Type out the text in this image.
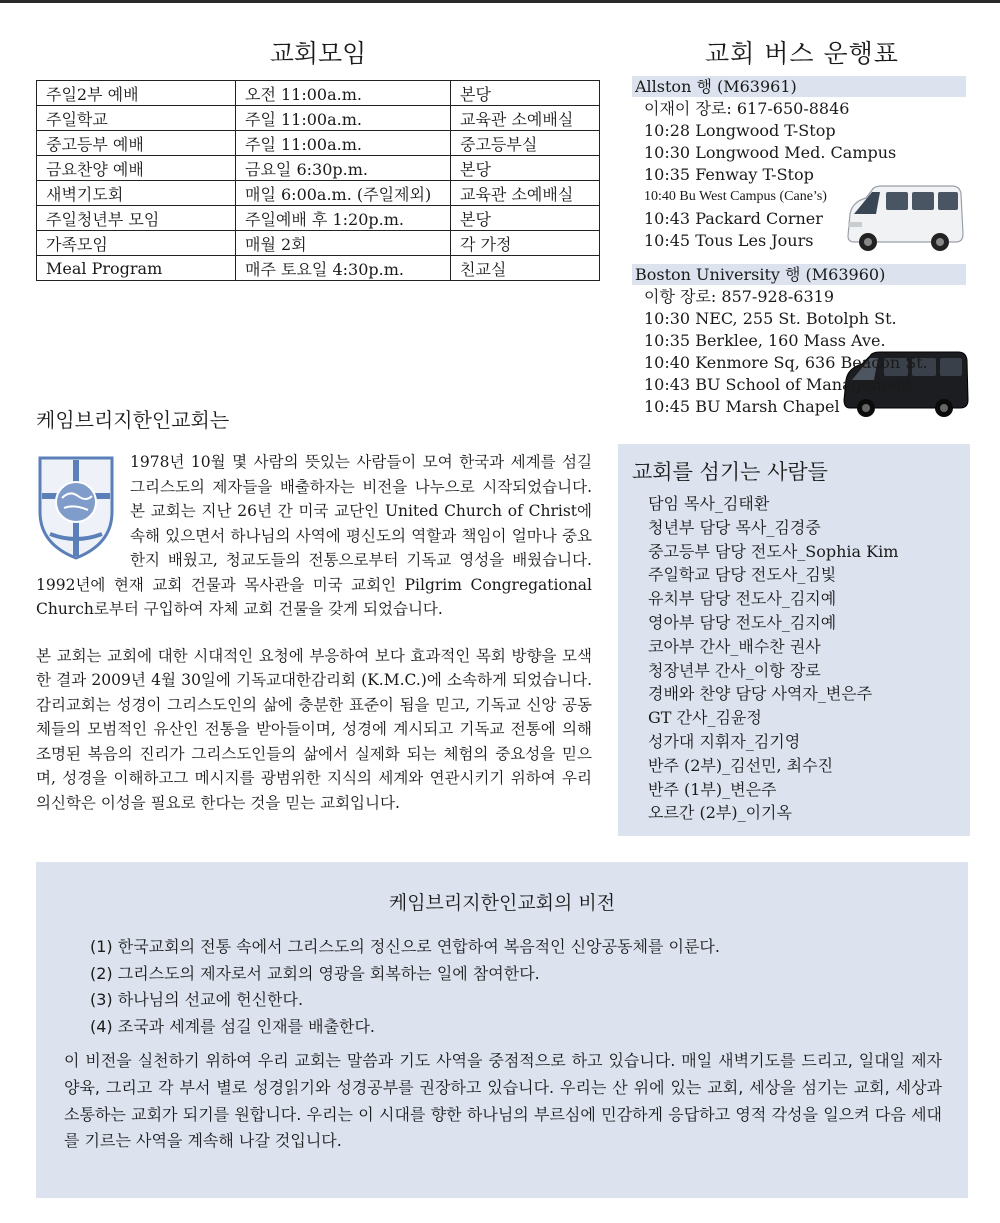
교회모임
주일2부 예배	오전 11:00a.m.	본당
주일학교	주일 11:00a.m.	교육관 소예배실
중고등부 예배	주일 11:00a.m.	중고등부실
금요찬양 예배	금요일 6:30p.m.	본당
새벽기도회	매일 6:00a.m. (주일제외)	교육관 소예배실
주일청년부 모임	주일예배 후 1:20p.m.	본당
가족모임	매월 2회	각 가정
Meal Program	매주 토요일 4:30p.m.	친교실
교회 버스 운행표
Allston 행 (M63961)
이재이 장로: 617-650-8846
10:28 Longwood T-Stop
10:30 Longwood Med. Campus
10:35 Fenway T-Stop
10:40 Bu West Campus (Cane’s)
10:43 Packard Corner
10:45 Tous Les Jours
Boston University 행 (M63960)
이항 장로: 857-928-6319
10:30 NEC, 255 St. Botolph St.
10:35 Berklee, 160 Mass Ave.
10:40 Kenmore Sq, 636 Beacon St.
10:43 BU School of Management
10:45 BU Marsh Chapel
케임브리지한인교회는

1978년 10월 몇 사람의 뜻있는 사람들이 모여 한국과 세계를 섬길 그리스도의 제자들을 배출하자는 비전을 나누으로 시작되었습니다. 본 교회는 지난 26년 간 미국 교단인 United Church of Christ에 속해 있으면서 하나님의 사역에 평신도의 역할과 책임이 얼마나 중요한지 배웠고, 청교도들의 전통으로부터 기독교 영성을 배웠습니다. 1992년에 현재 교회 건물과 목사관을 미국 교회인 Pilgrim Congregational Church로부터 구입하여 자체 교회 건물을 갖게 되었습니다.

본 교회는 교회에 대한 시대적인 요청에 부응하여 보다 효과적인 목회 방향을 모색한 결과 2009년 4월 30일에 기독교대한감리회 (K.M.C.)에 소속하게 되었습니다. 감리교회는 성경이 그리스도인의 삶에 충분한 표준이 됨을 믿고, 기독교 신앙 공동체들의 모범적인 유산인 전통을 받아들이며, 성경에 계시되고 기독교 전통에 의해 조명된 복음의 진리가 그리스도인들의 삶에서 실제화 되는 체험의 중요성을 믿으며, 성경을 이해하고그 메시지를 광범위한 지식의 세계와 연관시키기 위하여 우리의신학은 이성을 필요로 한다는 것을 믿는 교회입니다.

교회를 섬기는 사람들
담임 목사_김태환
청년부 담당 목사_김경중
중고등부 담당 전도사_Sophia Kim
주일학교 담당 전도사_김빛
유치부 담당 전도사_김지예
영아부 담당 전도사_김지예
코아부 간사_배수찬 권사
청장년부 간사_이항 장로
경배와 찬양 담당 사역자_변은주
GT 간사_김윤정
성가대 지휘자_김기영
반주 (2부)_김선민, 최수진
반주 (1부)_변은주
오르간 (2부)_이기옥
케임브리지한인교회의 비전
(1) 한국교회의 전통 속에서 그리스도의 정신으로 연합하여 복음적인 신앙공동체를 이룬다.
(2) 그리스도의 제자로서 교회의 영광을 회복하는 일에 참여한다.
(3) 하나님의 선교에 헌신한다.
(4) 조국과 세계를 섬길 인재를 배출한다.
이 비전을 실천하기 위하여 우리 교회는 말씀과 기도 사역을 중점적으로 하고 있습니다. 매일 새벽기도를 드리고, 일대일 제자 양육, 그리고 각 부서 별로 성경읽기와 성경공부를 권장하고 있습니다. 우리는 산 위에 있는 교회, 세상을 섬기는 교회, 세상과 소통하는 교회가 되기를 원합니다. 우리는 이 시대를 향한 하나님의 부르심에 민감하게 응답하고 영적 각성을 일으켜 다음 세대를 기르는 사역을 계속해 나갈 것입니다.
